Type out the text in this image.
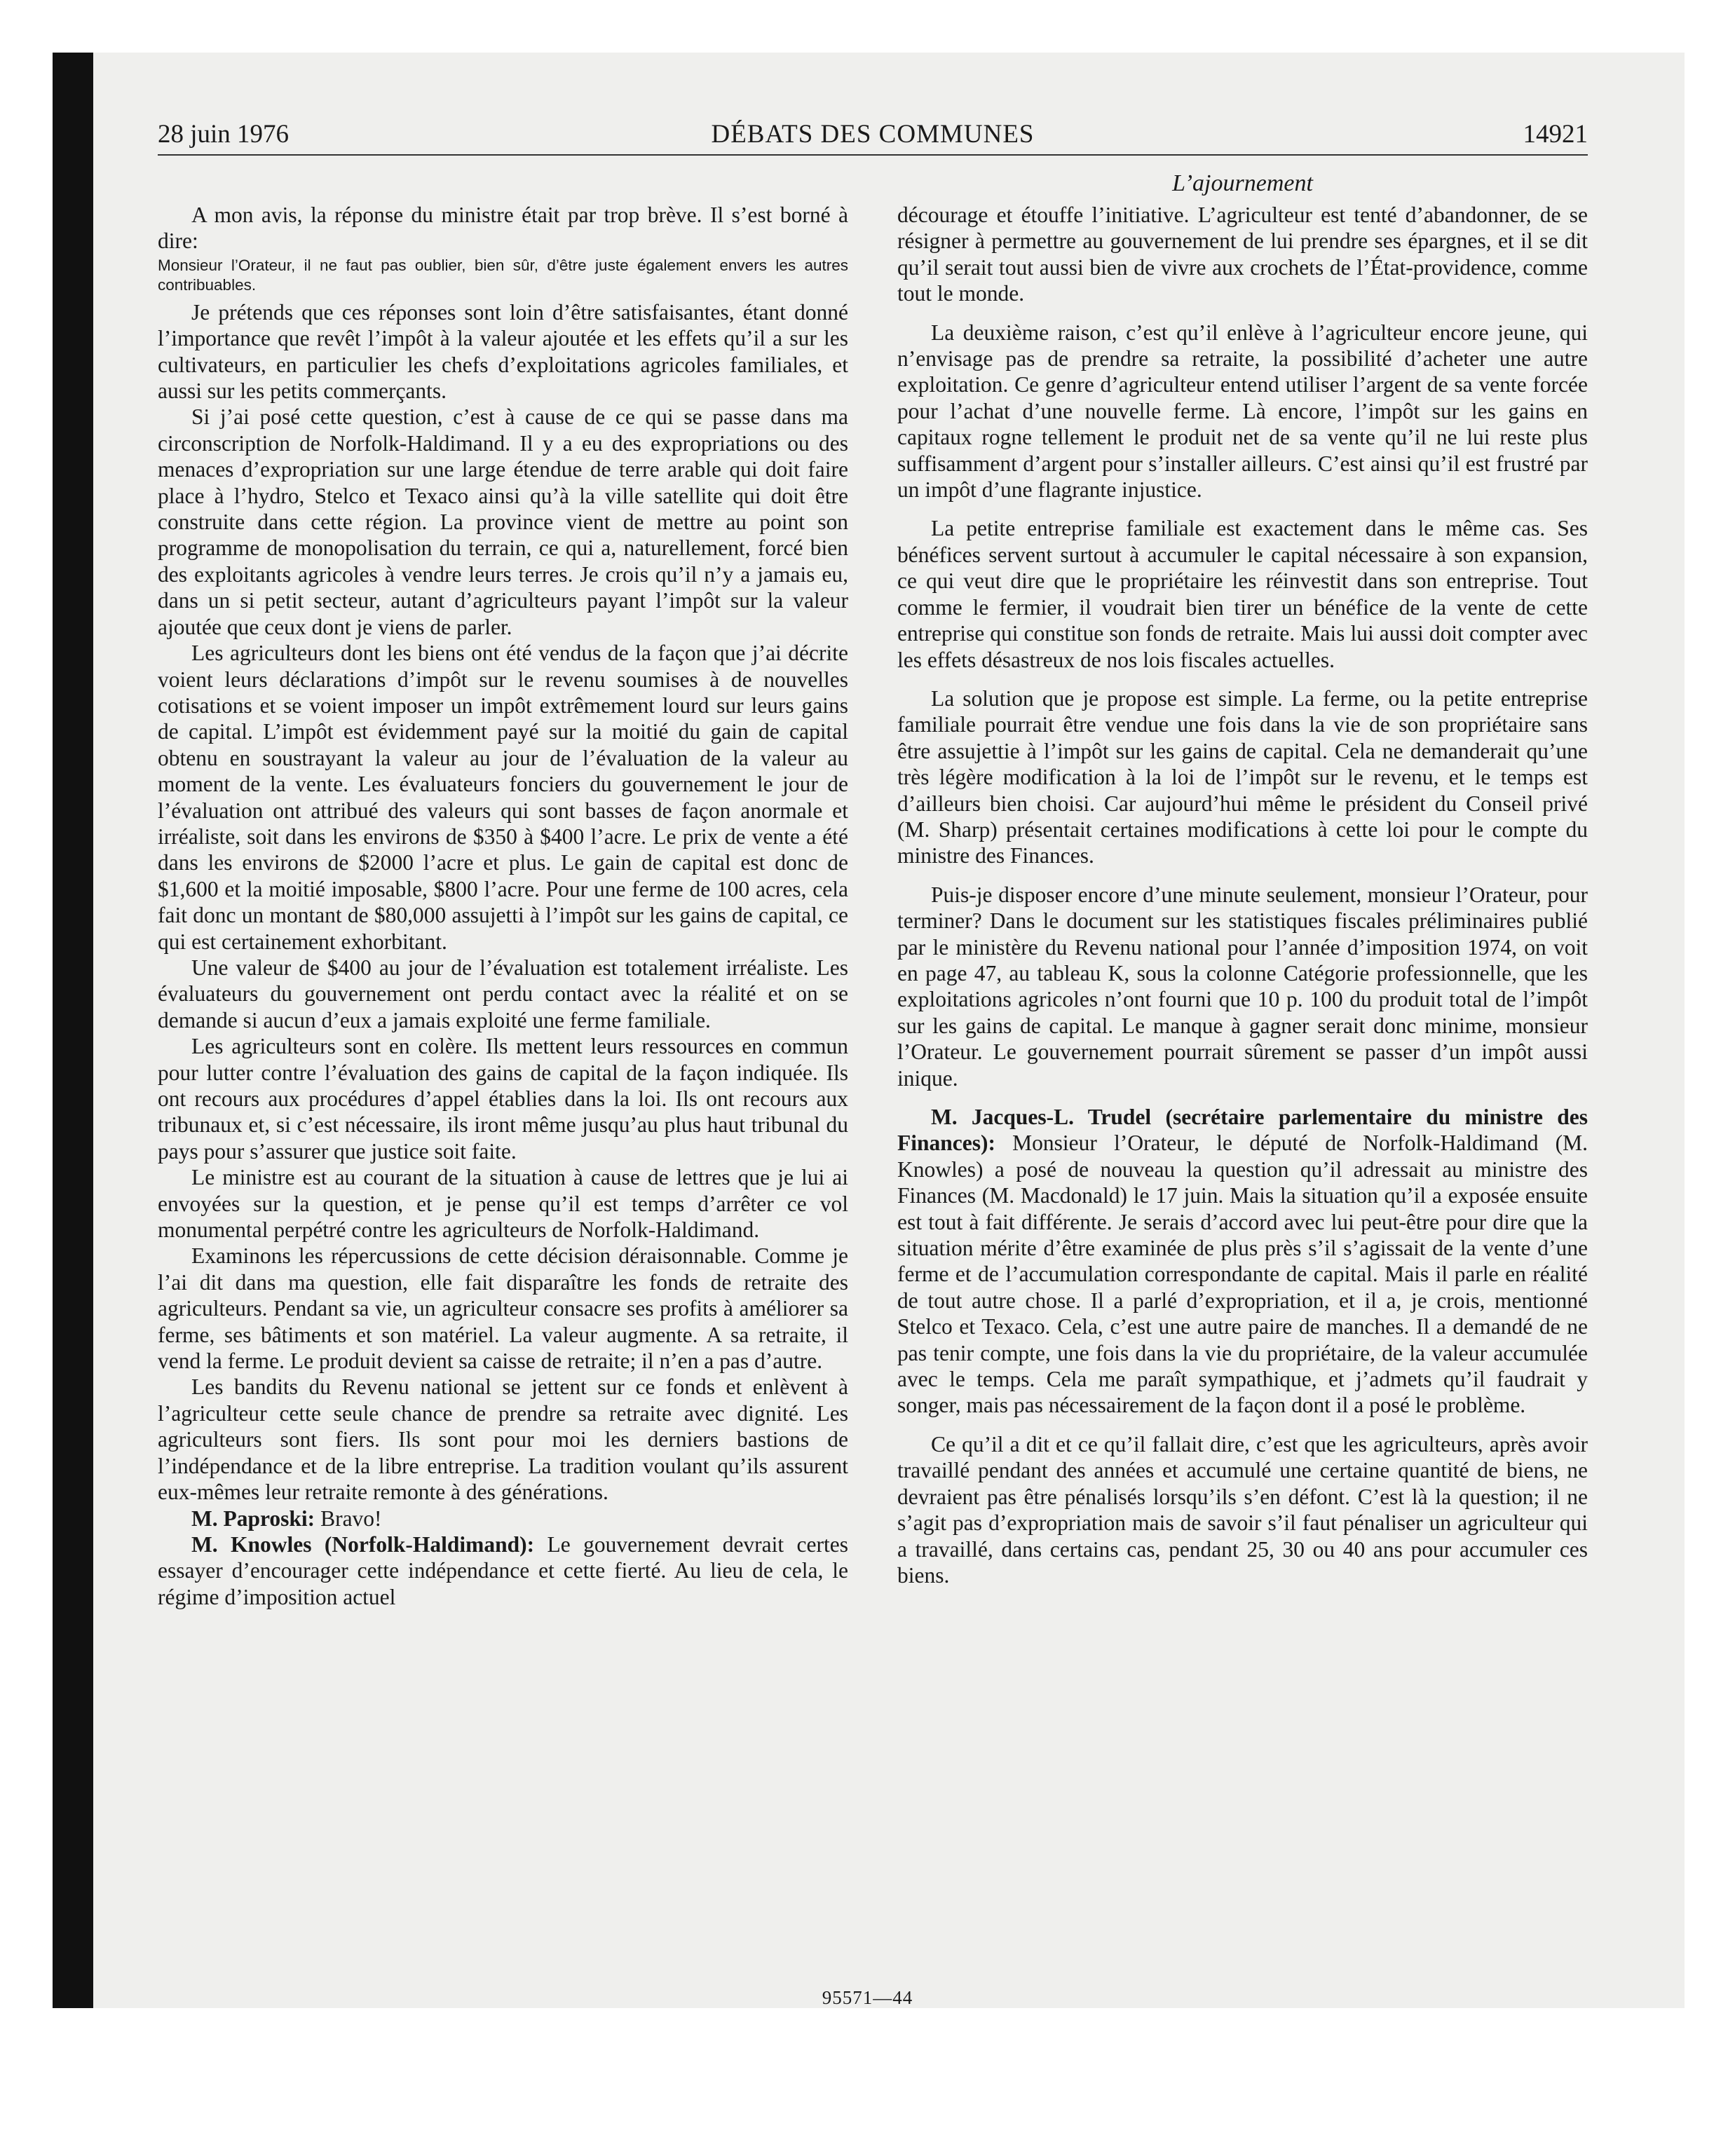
28 juin 1976	DÉBATS DES COMMUNES	14921
L’ajournement

A mon avis, la réponse du ministre était par trop brève. Il s’est borné à dire:

Monsieur l’Orateur, il ne faut pas oublier, bien sûr, d’être juste également envers les autres contribuables.

Je prétends que ces réponses sont loin d’être satisfaisantes, étant donné l’importance que revêt l’impôt à la valeur ajoutée et les effets qu’il a sur les cultivateurs, en particulier les chefs d’exploitations agricoles familiales, et aussi sur les petits commerçants.

Si j’ai posé cette question, c’est à cause de ce qui se passe dans ma circonscription de Norfolk-Haldimand. Il y a eu des expropriations ou des menaces d’expropriation sur une large étendue de terre arable qui doit faire place à l’hydro, Stelco et Texaco ainsi qu’à la ville satellite qui doit être construite dans cette région. La province vient de mettre au point son programme de monopolisation du terrain, ce qui a, naturellement, forcé bien des exploitants agricoles à vendre leurs terres. Je crois qu’il n’y a jamais eu, dans un si petit secteur, autant d’agriculteurs payant l’impôt sur la valeur ajoutée que ceux dont je viens de parler.

Les agriculteurs dont les biens ont été vendus de la façon que j’ai décrite voient leurs déclarations d’impôt sur le revenu soumises à de nouvelles cotisations et se voient imposer un impôt extrêmement lourd sur leurs gains de capital. L’impôt est évidemment payé sur la moitié du gain de capital obtenu en soustrayant la valeur au jour de l’évaluation de la valeur au moment de la vente. Les évaluateurs fonciers du gouvernement le jour de l’évaluation ont attribué des valeurs qui sont basses de façon anormale et irréaliste, soit dans les environs de $350 à $400 l’acre. Le prix de vente a été dans les environs de $2000 l’acre et plus. Le gain de capital est donc de $1,600 et la moitié imposable, $800 l’acre. Pour une ferme de 100 acres, cela fait donc un montant de $80,000 assujetti à l’impôt sur les gains de capital, ce qui est certainement exhorbitant.

Une valeur de $400 au jour de l’évaluation est totalement irréaliste. Les évaluateurs du gouvernement ont perdu contact avec la réalité et on se demande si aucun d’eux a jamais exploité une ferme familiale.

Les agriculteurs sont en colère. Ils mettent leurs ressources en commun pour lutter contre l’évaluation des gains de capital de la façon indiquée. Ils ont recours aux procédures d’appel établies dans la loi. Ils ont recours aux tribunaux et, si c’est nécessaire, ils iront même jusqu’au plus haut tribunal du pays pour s’assurer que justice soit faite.

Le ministre est au courant de la situation à cause de lettres que je lui ai envoyées sur la question, et je pense qu’il est temps d’arrêter ce vol monumental perpétré contre les agriculteurs de Norfolk-Haldimand.

Examinons les répercussions de cette décision déraisonnable. Comme je l’ai dit dans ma question, elle fait disparaître les fonds de retraite des agriculteurs. Pendant sa vie, un agriculteur consacre ses profits à améliorer sa ferme, ses bâtiments et son matériel. La valeur augmente. A sa retraite, il vend la ferme. Le produit devient sa caisse de retraite; il n’en a pas d’autre.

Les bandits du Revenu national se jettent sur ce fonds et enlèvent à l’agriculteur cette seule chance de prendre sa retraite avec dignité. Les agriculteurs sont fiers. Ils sont pour moi les derniers bastions de l’indépendance et de la libre entreprise. La tradition voulant qu’ils assurent eux-mêmes leur retraite remonte à des générations.

M. Paproski: Bravo!

M. Knowles (Norfolk-Haldimand): Le gouvernement devrait certes essayer d’encourager cette indépendance et cette fierté. Au lieu de cela, le régime d’imposition actuel

décourage et étouffe l’initiative. L’agriculteur est tenté d’abandonner, de se résigner à permettre au gouvernement de lui prendre ses épargnes, et il se dit qu’il serait tout aussi bien de vivre aux crochets de l’État-providence, comme tout le monde.

La deuxième raison, c’est qu’il enlève à l’agriculteur encore jeune, qui n’envisage pas de prendre sa retraite, la possibilité d’acheter une autre exploitation. Ce genre d’agriculteur entend utiliser l’argent de sa vente forcée pour l’achat d’une nouvelle ferme. Là encore, l’impôt sur les gains en capitaux rogne tellement le produit net de sa vente qu’il ne lui reste plus suffisamment d’argent pour s’installer ailleurs. C’est ainsi qu’il est frustré par un impôt d’une flagrante injustice.

La petite entreprise familiale est exactement dans le même cas. Ses bénéfices servent surtout à accumuler le capital nécessaire à son expansion, ce qui veut dire que le propriétaire les réinvestit dans son entreprise. Tout comme le fermier, il voudrait bien tirer un bénéfice de la vente de cette entreprise qui constitue son fonds de retraite. Mais lui aussi doit compter avec les effets désastreux de nos lois fiscales actuelles.

La solution que je propose est simple. La ferme, ou la petite entreprise familiale pourrait être vendue une fois dans la vie de son propriétaire sans être assujettie à l’impôt sur les gains de capital. Cela ne demanderait qu’une très légère modification à la loi de l’impôt sur le revenu, et le temps est d’ailleurs bien choisi. Car aujourd’hui même le président du Conseil privé (M. Sharp) présentait certaines modifications à cette loi pour le compte du ministre des Finances.

Puis-je disposer encore d’une minute seulement, monsieur l’Orateur, pour terminer? Dans le document sur les statistiques fiscales préliminaires publié par le ministère du Revenu national pour l’année d’imposition 1974, on voit en page 47, au tableau K, sous la colonne Catégorie professionnelle, que les exploitations agricoles n’ont fourni que 10 p. 100 du produit total de l’impôt sur les gains de capital. Le manque à gagner serait donc minime, monsieur l’Orateur. Le gouvernement pourrait sûrement se passer d’un impôt aussi inique.

M. Jacques-L. Trudel (secrétaire parlementaire du ministre des Finances): Monsieur l’Orateur, le député de Norfolk-Haldimand (M. Knowles) a posé de nouveau la question qu’il adressait au ministre des Finances (M. Macdonald) le 17 juin. Mais la situation qu’il a exposée ensuite est tout à fait différente. Je serais d’accord avec lui peut-être pour dire que la situation mérite d’être examinée de plus près s’il s’agissait de la vente d’une ferme et de l’accumulation correspondante de capital. Mais il parle en réalité de tout autre chose. Il a parlé d’expropriation, et il a, je crois, mentionné Stelco et Texaco. Cela, c’est une autre paire de manches. Il a demandé de ne pas tenir compte, une fois dans la vie du propriétaire, de la valeur accumulée avec le temps. Cela me paraît sympathique, et j’admets qu’il faudrait y songer, mais pas nécessairement de la façon dont il a posé le problème.

Ce qu’il a dit et ce qu’il fallait dire, c’est que les agriculteurs, après avoir travaillé pendant des années et accumulé une certaine quantité de biens, ne devraient pas être pénalisés lorsqu’ils s’en défont. C’est là la question; il ne s’agit pas d’expropriation mais de savoir s’il faut pénaliser un agriculteur qui a travaillé, dans certains cas, pendant 25, 30 ou 40 ans pour accumuler ces biens.

95571—44
